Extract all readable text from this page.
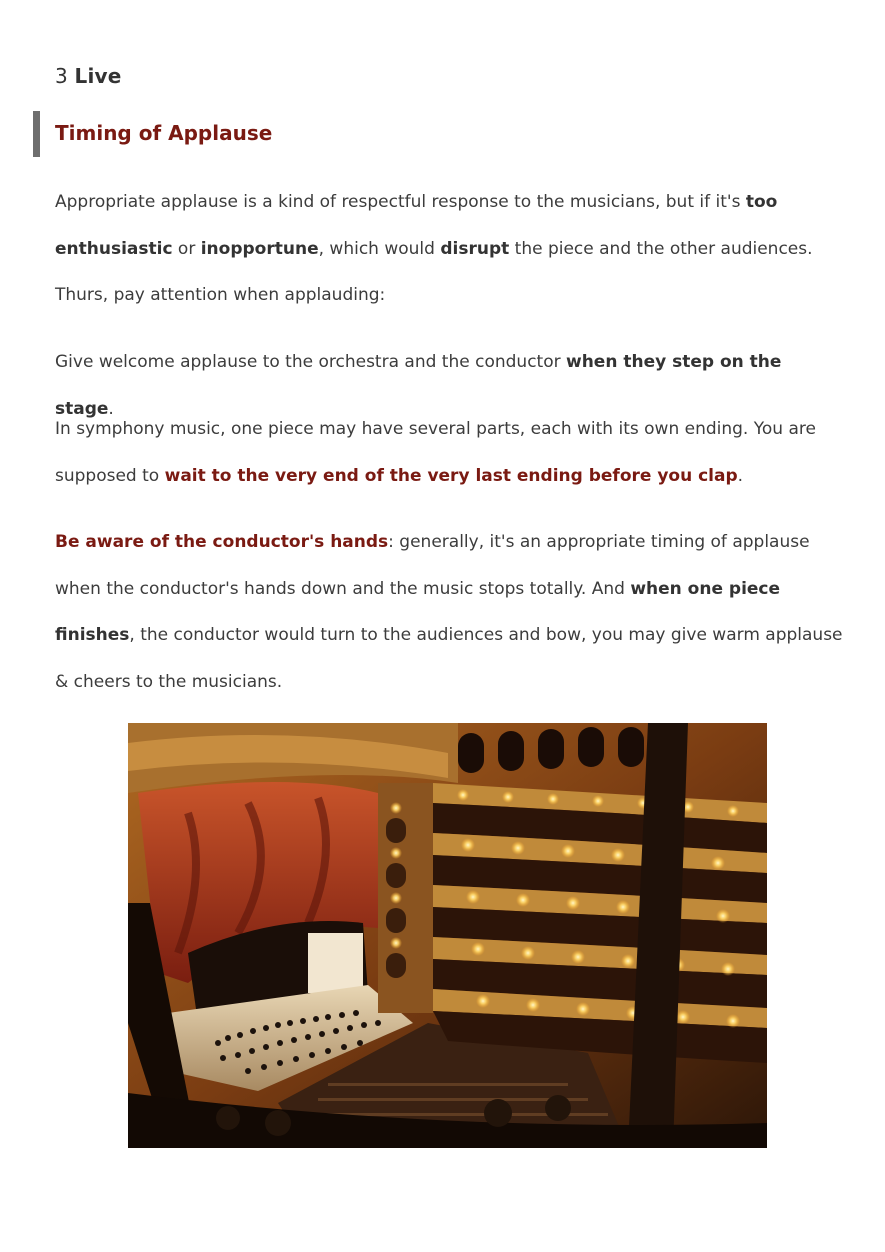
3 Live
Timing of Applause
Appropriate applause is a kind of respectful response to the musicians, but if it's too enthusiastic or inopportune, which would disrupt the piece and the other audiences. Thurs, pay attention when applauding:
Give welcome applause to the orchestra and the conductor when they step on the stage.
In symphony music, one piece may have several parts, each with its own ending. You are supposed to wait to the very end of the very last ending before you clap.
Be aware of the conductor's hands: generally, it's an appropriate timing of applause when the conductor's hands down and the music stops totally. And when one piece finishes, the conductor would turn to the audiences and bow, you may give warm applause & cheers to the musicians.
